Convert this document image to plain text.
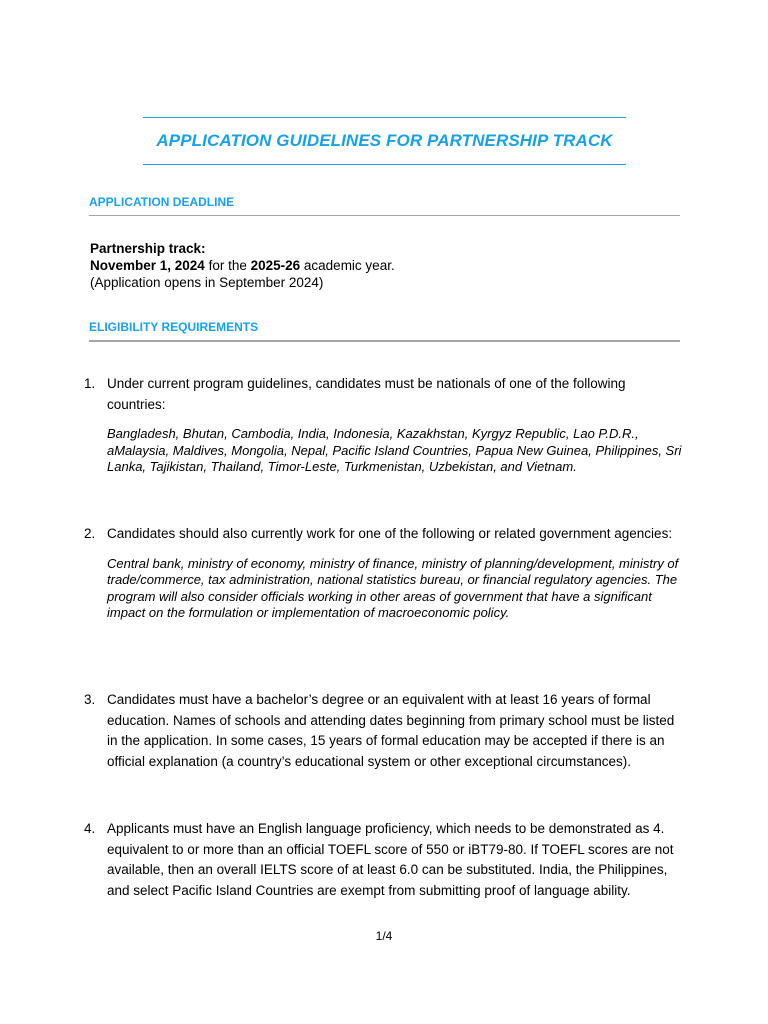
APPLICATION GUIDELINES FOR PARTNERSHIP TRACK
APPLICATION DEADLINE
Partnership track:
November 1, 2024 for the 2025-26 academic year.
(Application opens in September 2024)
ELIGIBILITY REQUIREMENTS
1. Under current program guidelines, candidates must be nationals of one of the following countries:
Bangladesh, Bhutan, Cambodia, India, Indonesia, Kazakhstan, Kyrgyz Republic, Lao P.D.R., aMalaysia, Maldives, Mongolia, Nepal, Pacific Island Countries, Papua New Guinea, Philippines, Sri Lanka, Tajikistan, Thailand, Timor-Leste, Turkmenistan, Uzbekistan, and Vietnam.
2. Candidates should also currently work for one of the following or related government agencies:
Central bank, ministry of economy, ministry of finance, ministry of planning/development, ministry of trade/commerce, tax administration, national statistics bureau, or financial regulatory agencies. The program will also consider officials working in other areas of government that have a significant impact on the formulation or implementation of macroeconomic policy.
3. Candidates must have a bachelor’s degree or an equivalent with at least 16 years of formal education. Names of schools and attending dates beginning from primary school must be listed in the application. In some cases, 15 years of formal education may be accepted if there is an official explanation (a country’s educational system or other exceptional circumstances).
4. Applicants must have an English language proficiency, which needs to be demonstrated as 4. equivalent to or more than an official TOEFL score of 550 or iBT79-80. If TOEFL scores are not available, then an overall IELTS score of at least 6.0 can be substituted. India, the Philippines, and select Pacific Island Countries are exempt from submitting proof of language ability.
1/4
